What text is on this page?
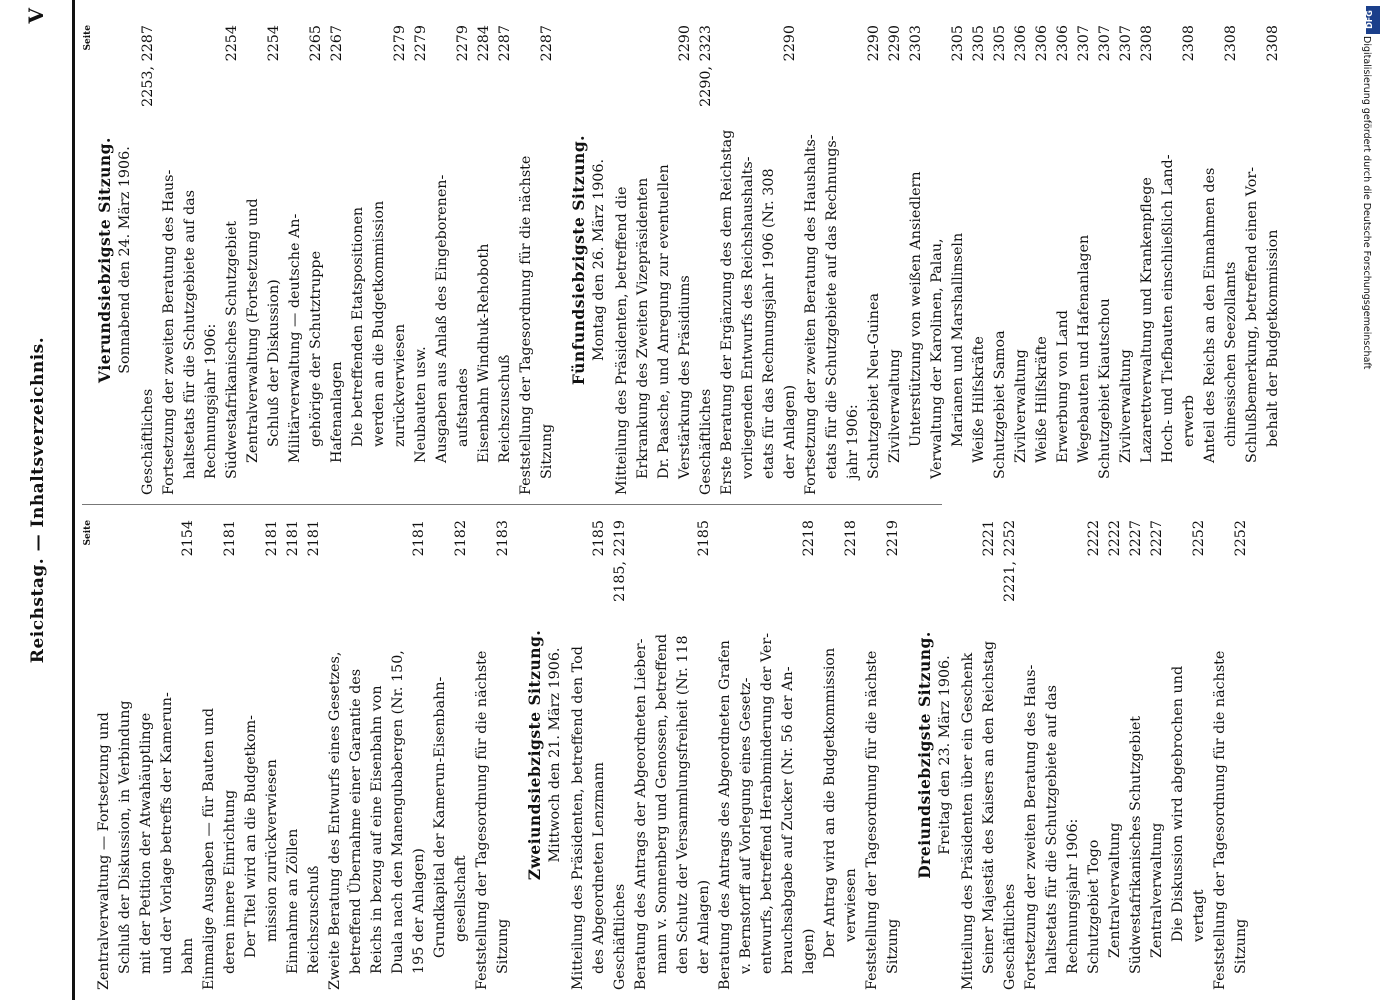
Reichstag. — Inhaltsverzeichnis.
V
Seite
Zentralverwaltung — Fortsetzung und Schluß der Diskussion, in Verbindung mit der Petition der Atwahäuptlinge und der Vorlage betreffs der Kamerun- bahn
2154
Einmalige Ausgaben — für Bauten und deren innere Einrichtung
2181
Der Titel wird an die Budgetkom- mission zurückverwiesen
2181
Einnahme an Zöllen
2181
Reichszuschuß
2181
Zweite Beratung des Entwurfs eines Gesetzes, betreffend Übernahme einer Garantie des Reichs in bezug auf eine Eisenbahn von Duala nach den Manengubabergen (Nr. 150, 195 der Anlagen)
2181
Grundkapital der Kamerun-Eisenbahn- gesellschaft
2182
Feststellung der Tagesordnung für die nächste Sitzung
2183
Zweiundsiebzigste Sitzung. Mittwoch den 21. März 1906. Mitteilung des Präsidenten, betreffend den Tod des Abgeordneten Lenzmann
2185
Geschäftliches
2185, 2219
Beratung des Antrags der Abgeordneten Lieber- mann v. Sonnenberg und Genossen, betreffend den Schutz der Versammlungsfreiheit (Nr. 118 der Anlagen)
2185
Beratung des Antrags des Abgeordneten Grafen v. Bernstorff auf Vorlegung eines Gesetz- entwurfs, betreffend Herabminderung der Ver- brauchsabgabe auf Zucker (Nr. 56 der An- lagen)
2218
Der Antrag wird an die Budgetkommission verwiesen
2218
Feststellung der Tagesordnung für die nächste Sitzung
2219
Dreiundsiebzigste Sitzung. Freitag den 23. März 1906. Mitteilung des Präsidenten über ein Geschenk Seiner Majestät des Kaisers an den Reichstag
2221
Geschäftliches
2221, 2252
Fortsetzung der zweiten Beratung des Haus- haltsetats für die Schutzgebiete auf das Rechnungsjahr 1906: Schutzgebiet Togo
2222
Zentralverwaltung
2222
Südwestafrikanisches Schutzgebiet
2227
Zentralverwaltung
2227
Die Diskussion wird abgebrochen und vertagt
2252
Feststellung der Tagesordnung für die nächste Sitzung
2252
Seite
Vierundsiebzigste Sitzung. Sonnabend den 24. März 1906.
Geschäftliches
2253, 2287
Fortsetzung der zweiten Beratung des Haus- haltsetats für die Schutzgebiete auf das Rechnungsjahr 1906: Südwestafrikanisches Schutzgebiet
2254
Zentralverwaltung (Fortsetzung und Schluß der Diskussion)
2254
Militärverwaltung — deutsche An- gehörige der Schutztruppe
2265
Hafenanlagen
2267
Die betreffenden Etatspositionen werden an die Budgetkommission zurückverwiesen
2279
Neubauten usw.
2279
Ausgaben aus Anlaß des Eingeborenen- aufstandes
2279
Eisenbahn Windhuk-Rehoboth
2284
Reichszuschuß
2287
Feststellung der Tagesordnung für die nächste Sitzung
2287
Fünfundsiebzigste Sitzung. Montag den 26. März 1906. Mitteilung des Präsidenten, betreffend die Erkrankung des Zweiten Vizepräsidenten Dr. Paasche, und Anregung zur eventuellen Verstärkung des Präsidiums
2290
Geschäftliches
2290, 2323
Erste Beratung der Ergänzung des dem Reichstag vorliegenden Entwurfs des Reichshaushalts- etats für das Rechnungsjahr 1906 (Nr. 308 der Anlagen)
2290
Fortsetzung der zweiten Beratung des Haushalts- etats für die Schutzgebiete auf das Rechnungs- jahr 1906: Schutzgebiet Neu-Guinea
2290
Zivilverwaltung
2290
Unterstützung von weißen Ansiedlern
2303
Verwaltung der Karolinen, Palau, Marianen und Marshallinseln
2305
Weiße Hilfskräfte
2305
Schutzgebiet Samoa
2305
Zivilverwaltung
2306
Weiße Hilfskräfte
2306
Erwerbung von Land
2306
Wegebauten und Hafenanlagen
2307
Schutzgebiet Kiautschou
2307
Zivilverwaltung
2307
Lazarettverwaltung und Krankenpflege
2308
Hoch- und Tiefbauten einschließlich Land- erwerb
2308
Anteil des Reichs an den Einnahmen des chinesischen Seezollamts
2308
Schlußbemerkung, betreffend einen Vor- behalt der Budgetkommission
2308
DFG
Digitalisierung gefördert durch die Deutsche Forschungsgemeinschaft
